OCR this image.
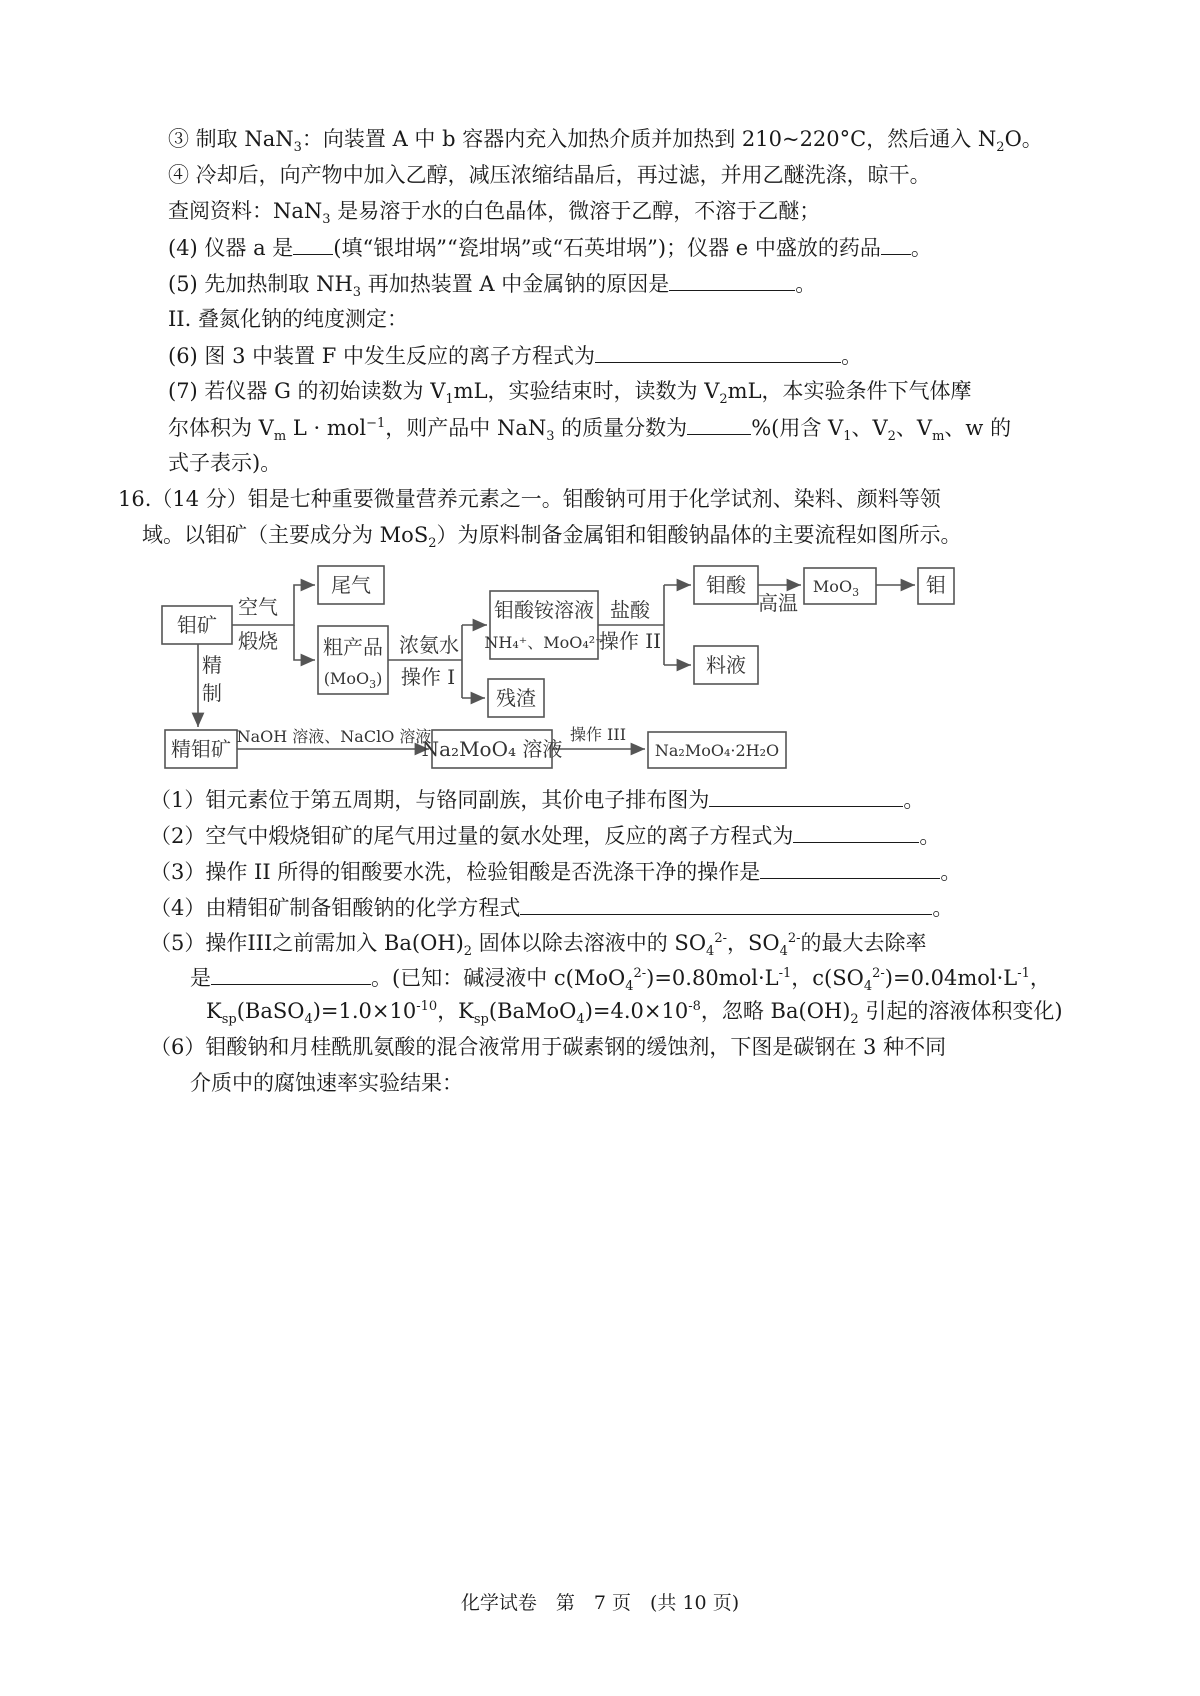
③ 制取 NaN$_3$：向装置 A 中 b 容器内充入加热介质并加热到 210~220°C，然后通入 $N_2O$。
④ 冷却后，向产物中加入乙醇，减压浓缩结晶后，再过滤，并用乙醚洗涤，晾干。
查阅资料：NaN$_3$ 是易溶于水的白色晶体，微溶于乙醇，不溶于乙醚；
(4) 仪器 a 是 (填“银坩埚”“瓷坩埚”或“石英坩埚”)；仪器 e 中盛放的药品 。
(5) 先加热制取 $NH_3$ 再加热装置 A 中金属钠的原因是	。
II. 叠氮化钠的纯度测定：
(6) 图 3 中装置 F 中发生反应的离子方程式为	。
(7) 若仪器 G 的初始读数为 $V_1mL$，实验结束时，读数为 $V_2mL$，本实验条件下气体摩
尔体积为 $V_m$ L · mol$^{-1}$，则产品中 NaN$_3$ 的质量分数为	%(用含 $V_1$、$V_2$、$V_m$、w 的
式子表示)。
16.（14 分）钼是七种重要微量营养元素之一。钼酸钠可用于化学试剂、染料、颜料等领
域。以钼矿（主要成分为 MoS$_2$）为原料制备金属钼和钼酸钠晶体的主要流程如图所示。
钼矿
尾气
粗产品
(MoO$_3$)
钼酸铵溶液
NH₄⁺、MoO₄²⁻
残渣
钼酸	MoO$_3$	钼
料液
精钼矿	Na₂MoO₄ 溶液	Na₂MoO₄·2H₂O
空气
煅烧	浓氨水
操作 I
盐酸
操作 II
高温
精
制
NaOH 溶液、NaClO 溶液	操作 III
（1）钼元素位于第五周期，与铬同副族，其价电子排布图为	。
（2）空气中煅烧钼矿的尾气用过量的氨水处理，反应的离子方程式为	。
（3）操作 II 所得的钼酸要水洗，检验钼酸是否洗涤干净的操作是	。
（4）由精钼矿制备钼酸钠的化学方程式	。
（5）操作III之前需加入 $Ba(OH)_2$ 固体以除去溶液中的 $SO_4^{2-}$，$SO_4^{2-}$的最大去除率
是	。(已知：碱浸液中 $c(MoO_4^{2-})=0.80mol\cdot L^{-1}$，$c(SO_4^{2-})=0.04mol\cdot L^{-1}$，
$K_{sp}(BaSO_4)=1.0\times 10^{-10}$，$K_{sp}(BaMoO_4)=4.0\times 10^{-8}$，忽略 $Ba(OH)_2$ 引起的溶液体积变化)
（6）钼酸钠和月桂酰肌氨酸的混合液常用于碳素钢的缓蚀剂，下图是碳钢在 3 种不同
介质中的腐蚀速率实验结果：
化学试卷　第　7 页　(共 10 页)
